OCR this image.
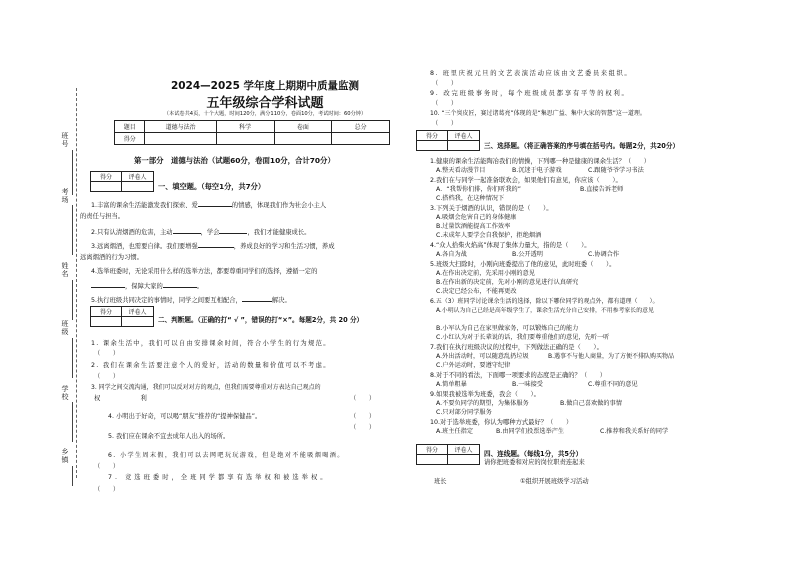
班号
考场
姓名
班级
学校
乡镇
2024—2025 学年度上期期中质量监测
五年级综合学科试题
（本试卷共4页，十个大题，时间120分，满分110分，卷面10分，考试时间：60分钟）
题目	道德与法治	科学	卷面	总分
得分				
第一部分　道德与法治（试题60分，卷面10分，合计70分）
得分	评卷人

一、填空题。（每空1分，共7分）
1.丰富的课余生活能激发我们探索、爱	的情感，体现我们作为社会小主人
的责任与担当。
2.只有认清烟酒的危害，主动	，学会	，我们才能健康成长。
3.远离烟酒，也需要自律。我们要增强	，养成良好的学习和生活习惯，养成
远离烟酒的行为习惯。
4.选举班委时，无论采用什么样的选举方法，都要尊重同学们的选择，遵循一定的
，保障大家的	。
5.执行班级共同决定的事情时，同学之间要互相配合，	解决。
得分	评卷人

二、判断题。（正确的打“ √ ”，错误的打“×”。每题2分，共 20 分）
1. 课余生活中，我们可以自由安排课余时间，符合小学生的行为规范。
（　　）
2. 我们在课余生活要注意个人的爱好，活动的数量和价值可以不考虑。
（　　）
3. 同学之间交流沟通，我们可以反对对方的观点，但我们需要尊重对方表达自己观点的
权　　　　利	（　　）
4. 小明出于好奇，可以喝“朋友”推荐的“提神保健品”。	（　　）
5. 我们应在课余不宜去成年人出入的场所。
（　　）
6. 小学生周末假，我们可以去网吧玩玩游戏，但是绝对不能吸烟喝酒。
（　　）
7. 竞选班委时，全班同学都享有选举权和被选举权。
（　　）
8. 班里庆祝元旦的文艺表演活动应该由文艺委员来组织。
（　　）
9. 改完班级事务时，每个班级成员都享有平等的权利。
（　　）
10. “三个臭皮匠，赛过诸葛亮”体现的是“集思广益、集中大家的智慧”这一道理。
（　　）
得分	评卷人

三、选择题。（将正确答案的序号填在括号内。每题2分，共20分）
1.健康的课余生活能陶冶我们的情操，下列哪一种是健康的课余生活？（　　）
A.整天看动漫节目	B.沉迷于电子游戏	C.跟随爷爷学习书法
2.我们在与同学一起准备联欢会，如果他们有意见，你应该（　　）。
A．“我帮你们排，你们听我的”	B.直接告诉老师
C.搭档我，在这种情况下
3.下列关于烟酒的认识，错误的是（　　）。
A.吸烟会危害自己的身体健康
B.过量饮酒能提高工作效率
C.未成年人要学会自我保护，拒绝烟酒
4.“众人拾柴火焰高”体现了集体力量大，指的是（　　）。
A.各自为战	B.公开透明	C.协调合作
5.班级大扫除时，小刚向班委提出了他的意见，此时班委（　　）。
A.在作出决定前，先采用小刚的意见
B.在作出新的决定前，先对小刚的意见进行认真研究
C.决定已经公布，不能再更改
6.五（3）班同学讨论课余生活的选择，除以下哪位同学的观点外，都有道理（　　）。
A.小明认为自己已经是高年级学生了，课余生活充分自己安排，不用参考家长的意见
B.小军认为自己在家里做家务，可以锻炼自己的能力
C.小红认为对于长辈说的话，我们要尊重他们的意见，先听一听
7.我们在执行班级决议的过程中，下列做法正确的是（　　）。
A.外出活动时，可以随意乱扔垃圾	B.遇事不与他人商量，为了方便不排队购买物品
C.户外运动时，要遵守纪律
8.对于不同的看法，下面哪一项要求的态度是正确的？（　　）
A.简单粗暴	B.一味接受	C.尊重不同的意见
9.如果我被选举为班委，我会（　　）。
A.不要负同学的期望，为集体服务	B.做自己喜欢做的事情
C.只对部分同学服务
10.对于选举班委，你认为哪种方式最好？（　　）
A.班主任指定	B.由同学们投票选举产生	C.推荐和我关系好的同学
得分	评卷人
	四、连线题。（每线1分，共5分）
请你把班委和对应的岗位职责连起来
班长	①组织开展班级学习活动
